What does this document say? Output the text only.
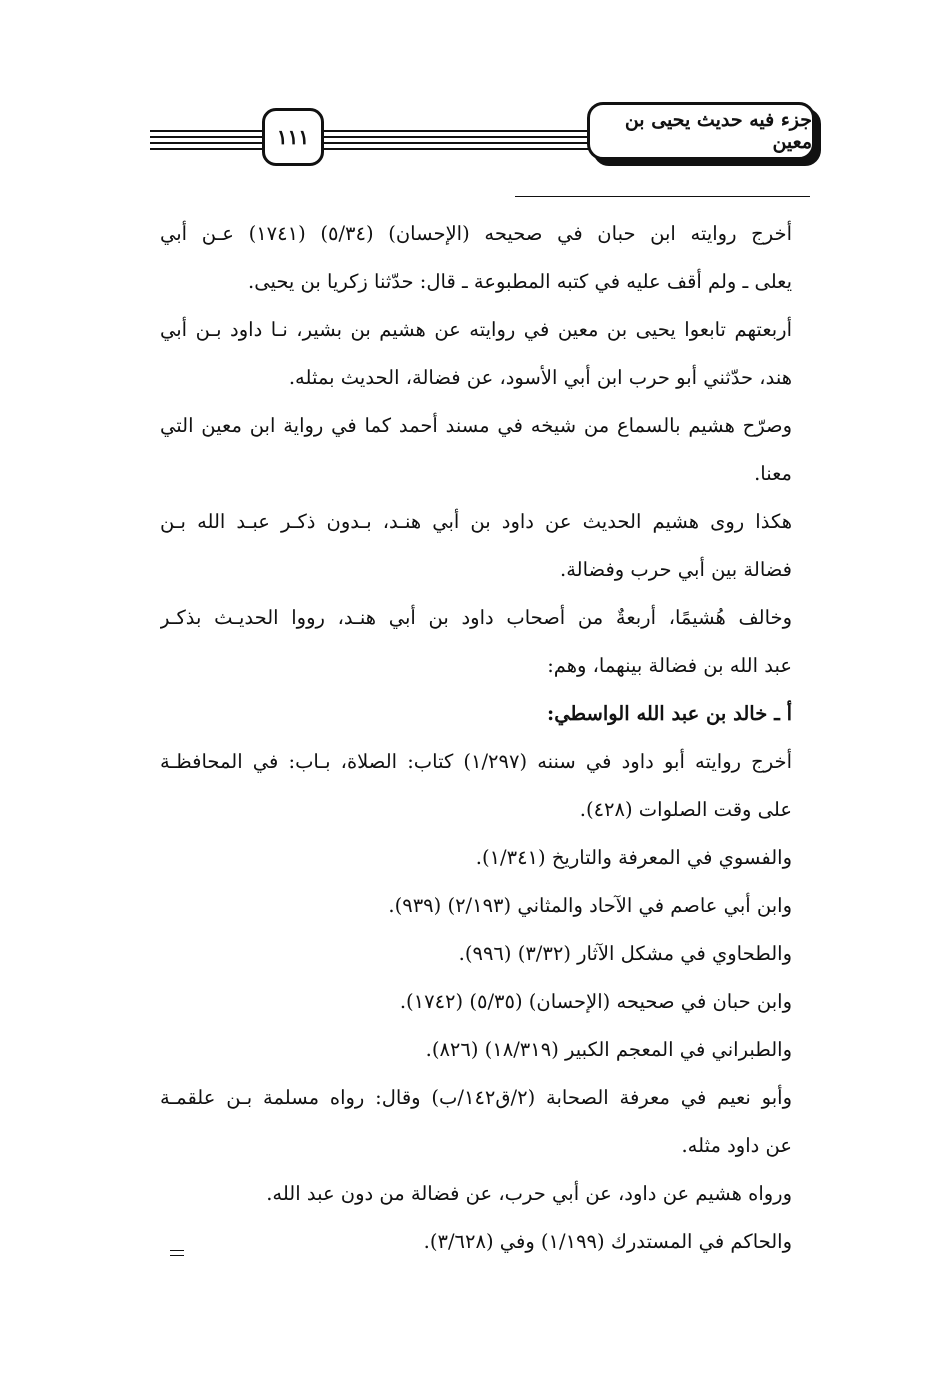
١١١
جزء فيه حديث يحيى بن معين
أخرج روايته ابن حبان في صحيحه (الإحسان) (٥/٣٤) (١٧٤١) عـن أبي
يعلى ـ ولم أقف عليه في كتبه المطبوعة ـ قال: حدّثنا زكريا بن يحيى.
أربعتهم تابعوا يحيى بن معين في روايته عن هشيم بن بشير، نـا داود بـن أبي
هند، حدّثني أبو حرب ابن أبي الأسود، عن فضالة، الحديث بمثله.
وصرّح هشيم بالسماع من شيخه في مسند أحمد كما في رواية ابن معين التي
معنا.
هكذا روى هشيم الحديث عن داود بن أبي هنـد، بـدون ذكـر عبـد الله بـن
فضالة بين أبي حرب وفضالة.
وخالف هُشيمًا، أربعةٌ من أصحاب داود بن أبي هنـد، رووا الحديـث بذكـر
عبد الله بن فضالة بينهما، وهم:
أ ـ خالد بن عبد الله الواسطي:
أخرج روايته أبو داود في سننه (١/٢٩٧) كتاب: الصلاة، بـاب: في المحافظـة
على وقت الصلوات (٤٢٨).
والفسوي في المعرفة والتاريخ (١/٣٤١).
وابن أبي عاصم في الآحاد والمثاني (٢/١٩٣) (٩٣٩).
والطحاوي في مشكل الآثار (٣/٣٢) (٩٩٦).
وابن حبان في صحيحه (الإحسان) (٥/٣٥) (١٧٤٢).
والطبراني في المعجم الكبير (١٨/٣١٩) (٨٢٦).
وأبو نعيم في معرفة الصحابة (٢/ق١٤٢/ب) وقال: رواه مسلمة بـن علقمـة
عن داود مثله.
ورواه هشيم عن داود، عن أبي حرب، عن فضالة من دون عبد الله.
والحاكم في المستدرك (١/١٩٩) وفي (٣/٦٢٨).
